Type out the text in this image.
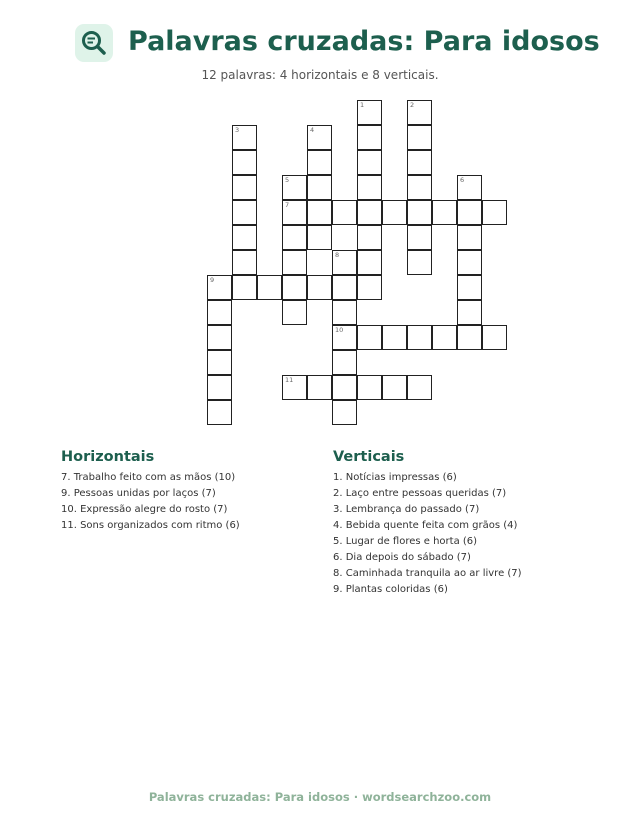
Palavras cruzadas: Para idosos
12 palavras: 4 horizontais e 8 verticais.
1	2
3	4
5	6
7
8
9
10
11
Horizontais
7. Trabalho feito com as mãos (10)
9. Pessoas unidas por laços (7)
10. Expressão alegre do rosto (7)
11. Sons organizados com ritmo (6)
Verticais
1. Notícias impressas (6)
2. Laço entre pessoas queridas (7)
3. Lembrança do passado (7)
4. Bebida quente feita com grãos (4)
5. Lugar de flores e horta (6)
6. Dia depois do sábado (7)
8. Caminhada tranquila ao ar livre (7)
9. Plantas coloridas (6)
Palavras cruzadas: Para idosos · wordsearchzoo.com
